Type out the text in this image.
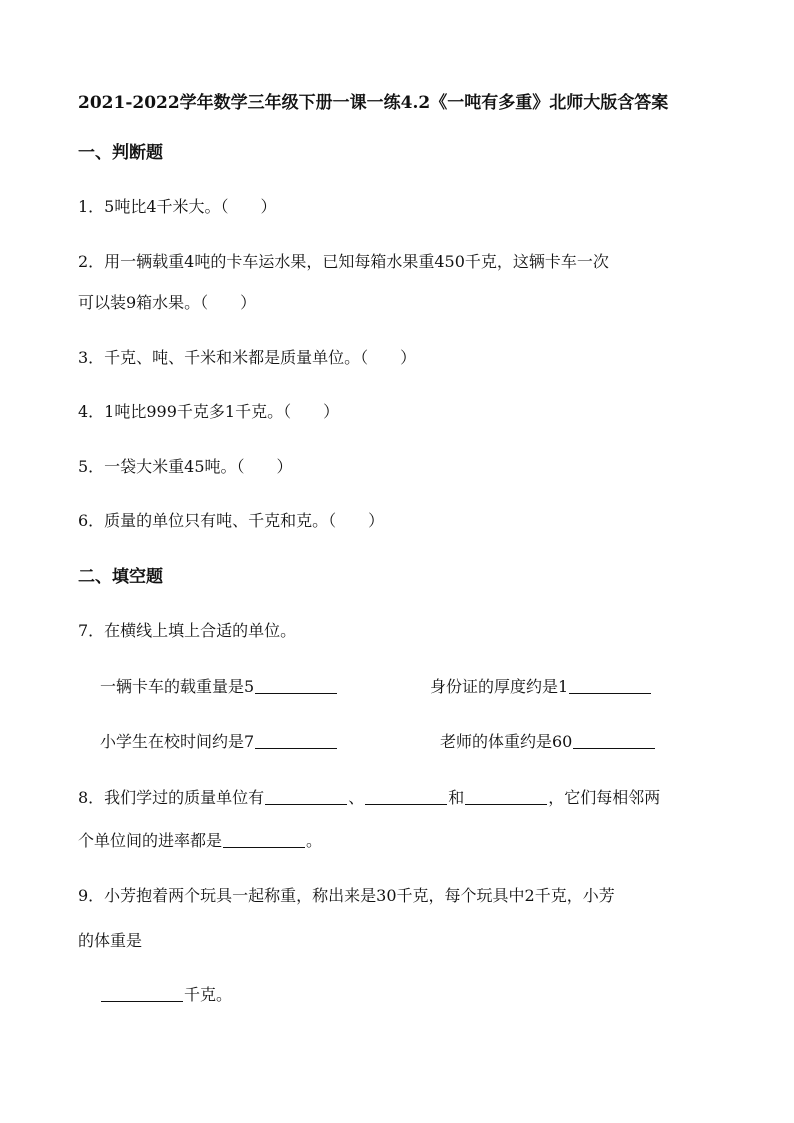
2021-2022学年数学三年级下册一课一练4.2《一吨有多重》北师大版含答案
一、判断题
1．5吨比4千米大。（　　）
2．用一辆载重4吨的卡车运水果，已知每箱水果重450千克，这辆卡车一次
可以装9箱水果。（　　）
3．千克、吨、千米和米都是质量单位。（　　）
4．1吨比999千克多1千克。（　　）
5．一袋大米重45吨。（　　）
6．质量的单位只有吨、千克和克。（　　）
二、填空题
7．在横线上填上合适的单位。
一辆卡车的载重量是5	身份证的厚度约是1
小学生在校时间约是7	老师的体重约是60
8．我们学过的质量单位有	、	和	，它们每相邻两
个单位间的进率都是	。
9．小芳抱着两个玩具一起称重，称出来是30千克，每个玩具中2千克，小芳
的体重是
千克。
